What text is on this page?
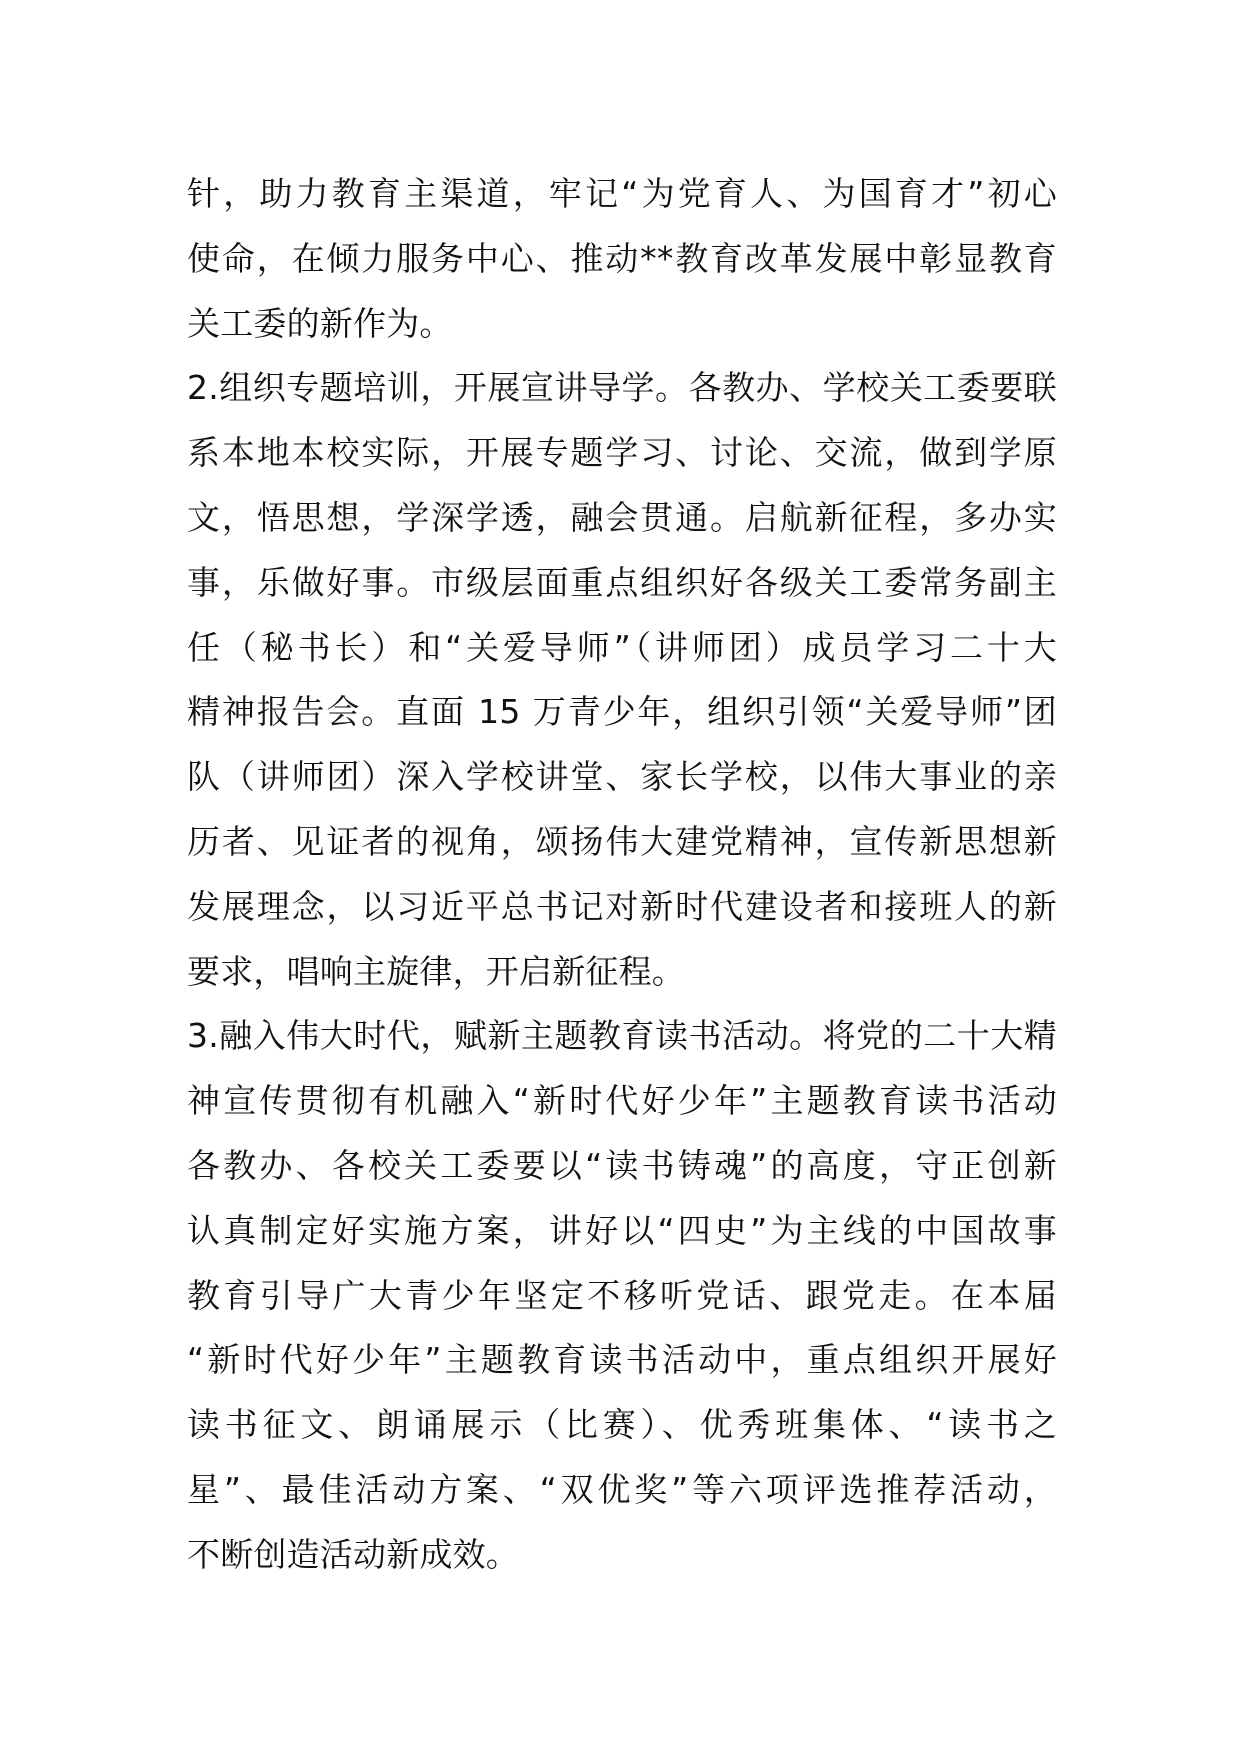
针，助力教育主渠道，牢记“为党育人、为国育才”初心
使命，在倾力服务中心、推动**教育改革发展中彰显教育
关工委的新作为。
2.组织专题培训，开展宣讲导学。各教办、学校关工委要联
系本地本校实际，开展专题学习、讨论、交流，做到学原
文，悟思想，学深学透，融会贯通。启航新征程，多办实
事，乐做好事。市级层面重点组织好各级关工委常务副主
任（秘书长）和“关爱导师”（讲师团）成员学习二十大
精神报告会。直面 15 万青少年，组织引领“关爱导师”团
队（讲师团）深入学校讲堂、家长学校，以伟大事业的亲
历者、见证者的视角，颂扬伟大建党精神，宣传新思想新
发展理念，以习近平总书记对新时代建设者和接班人的新
要求，唱响主旋律，开启新征程。
3.融入伟大时代，赋新主题教育读书活动。将党的二十大精
神宣传贯彻有机融入“新时代好少年”主题教育读书活动
各教办、各校关工委要以“读书铸魂”的高度，守正创新
认真制定好实施方案，讲好以“四史”为主线的中国故事
教育引导广大青少年坚定不移听党话、跟党走。在本届
“新时代好少年”主题教育读书活动中，重点组织开展好
读书征文、朗诵展示（比赛）、优秀班集体、“读书之
星”、最佳活动方案、“双优奖”等六项评选推荐活动，
不断创造活动新成效。
